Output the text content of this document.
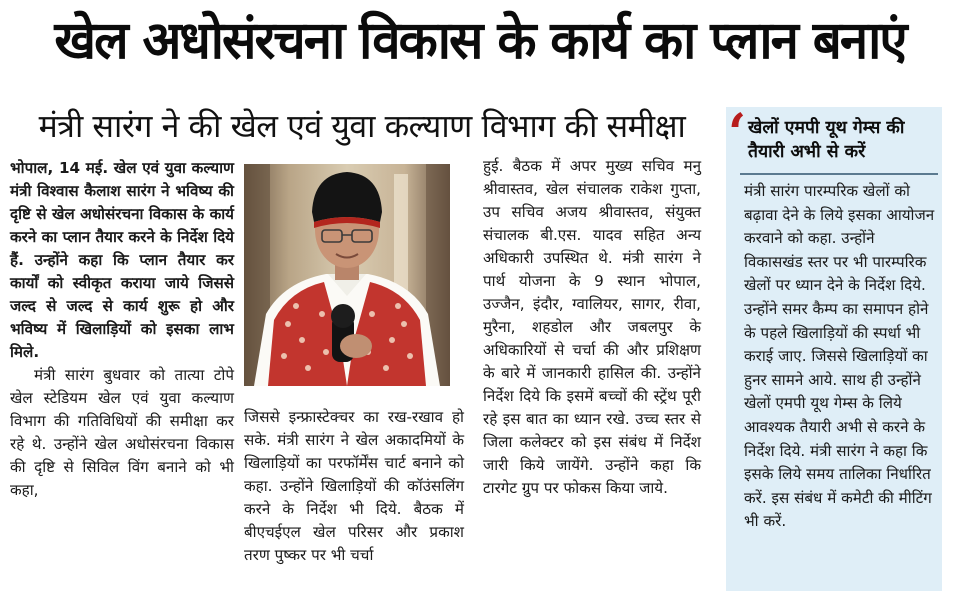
खेल अधोसंरचना विकास के कार्य का प्लान बनाएं
मंत्री सारंग ने की खेल एवं युवा कल्याण विभाग की समीक्षा

भोपाल, 14 मई. खेल एवं युवा कल्याण मंत्री विश्वास कैलाश सारंग ने भविष्य की दृष्टि से खेल अधोसंरचना विकास के कार्य करने का प्लान तैयार करने के निर्देश दिये हैं. उन्होंने कहा कि प्लान तैयार कर कार्यों को स्वीकृत कराया जाये जिससे जल्द से जल्द से कार्य शुरू हो और भविष्य में खिलाड़ियों को इसका लाभ मिले.

मंत्री सारंग बुधवार को तात्या टोपे खेल स्टेडियम खेल एवं युवा कल्याण विभाग की गतिविधियों की समीक्षा कर रहे थे. उन्होंने खेल अधोसंरचना विकास की दृष्टि से सिविल विंग बनाने को भी कहा,

जिससे इन्फ्रास्टेक्चर का रख-रखाव हो सके. मंत्री सारंग ने खेल अकादमियों के खिलाड़ियों का परफॉर्मेंस चार्ट बनाने को कहा. उन्होंने खिलाड़ियों की कॉउंसलिंग करने के निर्देश भी दिये. बैठक में बीएचईएल खेल परिसर और प्रकाश तरण पुष्कर पर भी चर्चा

हुई. बैठक में अपर मुख्य सचिव मनु श्रीवास्तव, खेल संचालक राकेश गुप्ता, उप सचिव अजय श्रीवास्तव, संयुक्त संचालक बी.एस. यादव सहित अन्य अधिकारी उपस्थित थे. मंत्री सारंग ने पार्थ योजना के 9 स्थान भोपाल, उज्जैन, इंदौर, ग्वालियर, सागर, रीवा, मुरैना, शहडोल और जबलपुर के अधिकारियों से चर्चा की और प्रशिक्षण के बारे में जानकारी हासिल की. उन्होंने निर्देश दिये कि इसमें बच्चों की स्ट्रेंथ पूरी रहे इस बात का ध्यान रखे. उच्च स्तर से जिला कलेक्टर को इस संबंध में निर्देश जारी किये जायेंगे. उन्होंने कहा कि टारगेट ग्रुप पर फोकस किया जाये.

‘ खेलों एमपी यूथ गेम्स की तैयारी अभी से करें

मंत्री सारंग पारम्परिक खेलों को बढ़ावा देने के लिये इसका आयोजन करवाने को कहा. उन्होंने विकासखंड स्तर पर भी पारम्परिक खेलों पर ध्यान देने के निर्देश दिये. उन्होंने समर कैम्प का समापन होने के पहले खिलाड़ियों की स्पर्धा भी कराई जाए. जिससे खिलाड़ियों का हुनर सामने आये. साथ ही उन्होंने खेलों एमपी यूथ गेम्स के लिये आवश्यक तैयारी अभी से करने के निर्देश दिये. मंत्री सारंग ने कहा कि इसके लिये समय तालिका निर्धारित करें. इस संबंध में कमेटी की मीटिंग भी करें.
